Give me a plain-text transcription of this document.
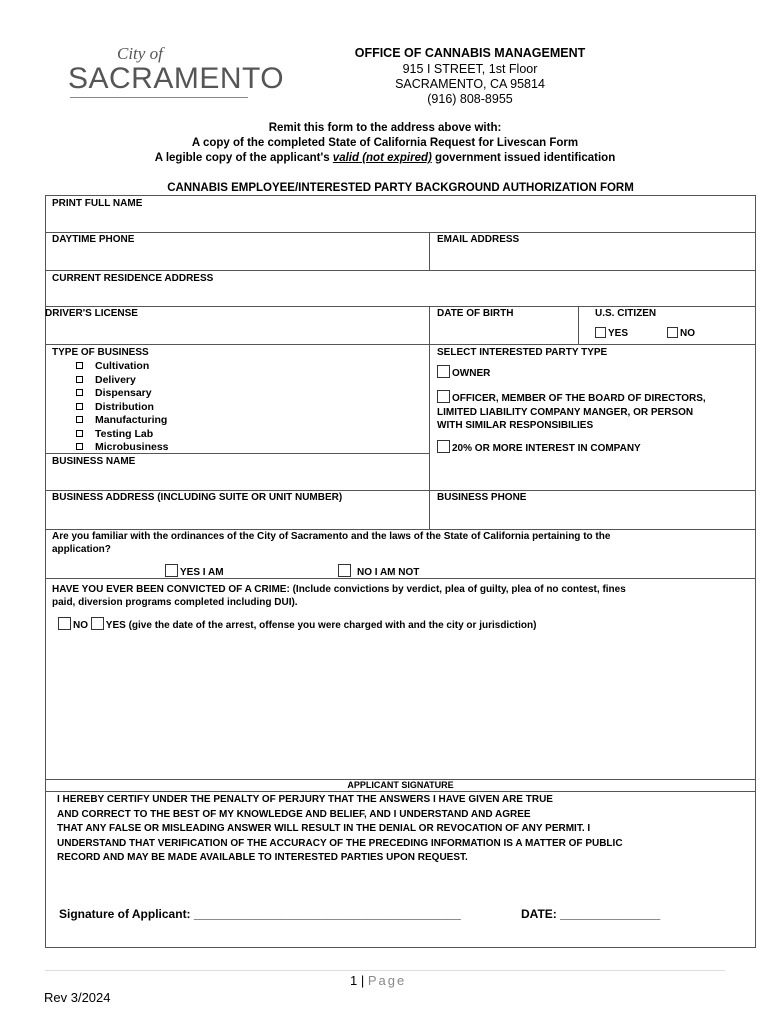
City of
SACRAMENTO
OFFICE OF CANNABIS MANAGEMENT
915 I STREET, 1st Floor
SACRAMENTO, CA 95814
(916) 808-8955
Remit this form to the address above with:
A copy of the completed State of California Request for Livescan Form
A legible copy of the applicant's valid (not expired) government issued identification
CANNABIS EMPLOYEE/INTERESTED PARTY BACKGROUND AUTHORIZATION FORM
PRINT FULL NAME
DAYTIME PHONE	EMAIL ADDRESS
CURRENT RESIDENCE ADDRESS
DRIVER'S LICENSE	DATE OF BIRTH	U.S. CITIZEN
YES	NO
TYPE OF BUSINESS
Cultivation
Delivery
Dispensary
Distribution
Manufacturing
Testing Lab
Microbusiness
BUSINESS NAME
SELECT INTERESTED PARTY TYPE
OWNER
OFFICER, MEMBER OF THE BOARD OF DIRECTORS,
LIMITED LIABILITY COMPANY MANGER, OR PERSON
WITH SIMILAR RESPONSIBILIES
20% OR MORE INTEREST IN COMPANY
BUSINESS ADDRESS (INCLUDING SUITE OR UNIT NUMBER)	BUSINESS PHONE
Are you familiar with the ordinances of the City of Sacramento and the laws of the State of California pertaining to the
application?
YES I AM	NO I AM NOT
HAVE YOU EVER BEEN CONVICTED OF A CRIME: (Include convictions by verdict, plea of guilty, plea of no contest, fines
paid, diversion programs completed including DUI).
NO YES (give the date of the arrest, offense you were charged with and the city or jurisdiction)
APPLICANT SIGNATURE
I HEREBY CERTIFY UNDER THE PENALTY OF PERJURY THAT THE ANSWERS I HAVE GIVEN ARE TRUE
AND CORRECT TO THE BEST OF MY KNOWLEDGE AND BELIEF, AND I UNDERSTAND AND AGREE
THAT ANY FALSE OR MISLEADING ANSWER WILL RESULT IN THE DENIAL OR REVOCATION OF ANY PERMIT. I
UNDERSTAND THAT VERIFICATION OF THE ACCURACY OF THE PRECEDING INFORMATION IS A MATTER OF PUBLIC
RECORD AND MAY BE MADE AVAILABLE TO INTERESTED PARTIES UPON REQUEST.
Signature of Applicant: ________________________________________	DATE: _______________
1 | Page
Rev 3/2024
